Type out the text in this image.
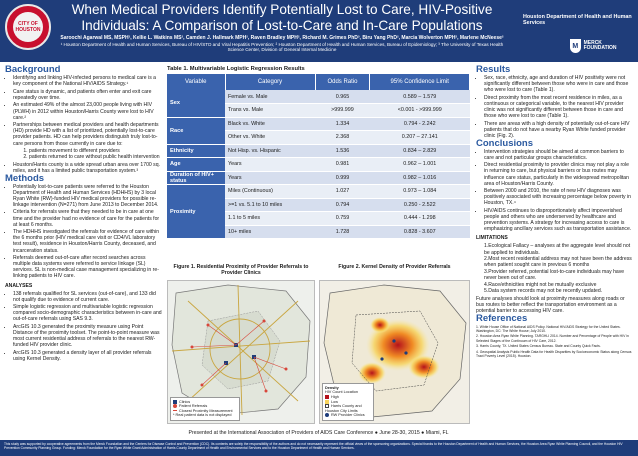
CITY OF HOUSTON
When Medical Providers Identify Potentially Lost to Care, HIV-Positive Individuals: A Comparison of Lost-to-Care and In-Care Populations
Saroochi Agarwal MS, MSPH¹, Kellie L. Watkins MS², Camden J. Hallmark MPH², Raven Bradley MPH², Richard M. Grimes PhD³, Biru Yang PhD², Marcia Wolverton MPH², Marlene McNeese²
¹ Houston Department of Health and Human Services, Bureau of HIV/STD and Viral Hepatitis Prevention; ² Houston Department of Health and Human Services, Bureau of Epidemiology; ³ The University of Texas Health Science Center, Division of General Internal Medicine
Houston Department of Health and Human Services
M	MERCK FOUNDATION
Background
• Identifying and linking HIV-infected persons to medical care is a key component of the National HIV/AIDS Strategy.¹
• Care status is dynamic, and patients often enter and exit care repeatedly over time.
• An estimated 49% of the almost 23,000 people living with HIV (PLWH) in 2012 within Houston/Harris County were lost to HIV care.²
• Partnerships between medical providers and health departments (HD) provide HD with a list of prioritized, potentially lost-to-care provider patients. HD can help providers distinguish truly lost-to-care persons from those currently in care due to:
1. patients movement to different providers
2. patients returned to care without public health intervention
• Houston/Harris county is a wide spread urban area over 1700 sq. miles, and it has a limited public transportation system.³
Methods
• Potentially lost-to-care patients were referred to the Houston Department of Health and Human Services (HDHHS) by 3 local Ryan White (RW)-funded HIV medical providers for possible re-linkage intervention (N=271) from June 2013 to December 2014.
• Criteria for referrals were that they needed to be in care at one time and the provider had no evidence of care for the patients for at least 6 months.
• The HDHHS investigated the referrals for evidence of care within the 6 months prior (HIV medical care visit or CD4/VL laboratory test result), residence in Houston/Harris County, deceased, and incarceration status.
• Referrals deemed out-of-care after record searches across multiple data systems were referred to service linkage (SL) services. SL is non-medical case management specializing in re-linking patients to HIV care.
ANALYSES
• 138 referrals qualified for SL services (out-of-care), and 133 did not qualify due to evidence of current care.
• Simple logistic regression and multivariable logistic regression compared socio-demographic characteristics between in-care and out-of-care referrals using SAS 9.3.
• ArcGIS 10.3 generated the proximity measure using Point Distance of the proximity toolset. The point-to-point measure was most current residential address of referrals to the nearest RW-funded HIV provider clinic.
• ArcGIS 10.3 generated a density layer of all provider referrals using Kernel Density.
Table 1. Multivariable Logistic Regression Results
Variable	Category	Odds Ratio	95% Confidence Limit
Sex	Female vs. Male	0.965	0.589 – 1.579
	Trans vs. Male	>999.999	<0.001 - >999.999
Race	Black vs. White	1.334	0.794 - 2.242
	Other vs. White	2.368	0.207 – 27.141
Ethnicity	Not Hisp. vs. Hispanic	1.536	0.834 – 2.829
Age	Years	0.981	0.962 – 1.001
Duration of HIV+ status	Years	0.999	0.982 – 1.016
Proximity	Miles (Continuous)	1.027	0.973 – 1.084
	>=1 vs. 5.1 to 10 miles	0.794	0.250 - 2.522
	1.1 to 5 miles	0.759	0.444 - 1.298
	10+ miles	1.728	0.828 - 3.607
Figure 1. Residential Proximity of Provider Referrals to Provider Clinics
Figure 2. Kernel Density of Provider Referrals
Clinics
Patient Referrals
Closest Proximity Measurement
* Real patient data is not displayed
Density
HIV Count Location
High
Low
Harris County and Houston City Limits
RW Provider Clinics
Presented at the International Association of Providers of AIDS Care Conference ● June 28-30, 2015 ● Miami, FL
Results
• Sex, race, ethnicity, age and duration of HIV positivity were not significantly different between those who were in care and those who were lost to care (Table 1).
• Direct proximity from the most recent residence in miles, as a continuous or categorical variable, to the nearest HIV provider clinic was not significantly different between those in care and those who were lost to care (Table 1).
• There are areas with a high density of potentially out-of-care HIV patients that do not have a nearby Ryan White funded provider clinic (Fig. 2).
Conclusions
• Intervention strategies should be aimed at common barriers to care and not particular groups characteristics.
• Direct residential proximity to provider clinics may not play a role in returning to care, but physical barriers or bus routes may influence care status, particularly in the widespread metropolitan area of Houston/Harris County.
• Between 2000 and 2010, the rate of new HIV diagnoses was positively associated with increasing percentage below poverty in Houston, TX.⁴
• HIV/AIDS continues to disproportionately affect impoverished people and others who are underserved by healthcare and prevention systems. A strategy for increasing access to care is emphasizing ancillary services such as transportation assistance.
LIMITATIONS
1.Ecological Fallacy – analyses at the aggregate level should not be applied to individuals.
2.Most recent residential address may not have been the address when patient sought care in previous 6 months
3.Provider referred, potential lost-to-care individuals may have never been out of care.
4.Race/ethnicities might not be mutually exclusive
5.Data system records may not be recently updated.
Future analyses should look at proximity measures along roads or bus routes to better reflect the transportation environment as a potential barrier to accessing HIV care.
References
1. White House Office of National AIDS Policy. National HIV/AIDS Strategy for the United States. Washington, DC: The White House; July 2010.
2. Houston Area Ryan White Planning. TARGHLI 2014. Number and Percentage of People with HIV in Selected Stages of the Continuum of HIV Care, 2012.
3. Harris County, TX. United States Census Bureau. State and County Quick Facts.
4. Geospatial Analysis Public Health Data for Health Disparities by Socioeconomic Status along Census Tract Poverty Level (2015). Houston.
This study was supported by cooperative agreements from the Merck Foundation and the Centers for Disease Control and Prevention (CDC). Its contents are solely the responsibility of the authors and do not necessarily represent the official views of the sponsoring organizations. Special thanks to the Houston Department of Health and Human Services, the Houston Area Ryan White Planning Council, and the Houston HIV Prevention Community Planning Group. Funding: Merck Foundation for the Ryan White Grant Administration of Harris County Department of Health and Environmental Services and to the Houston Department of Health and Human Services.
